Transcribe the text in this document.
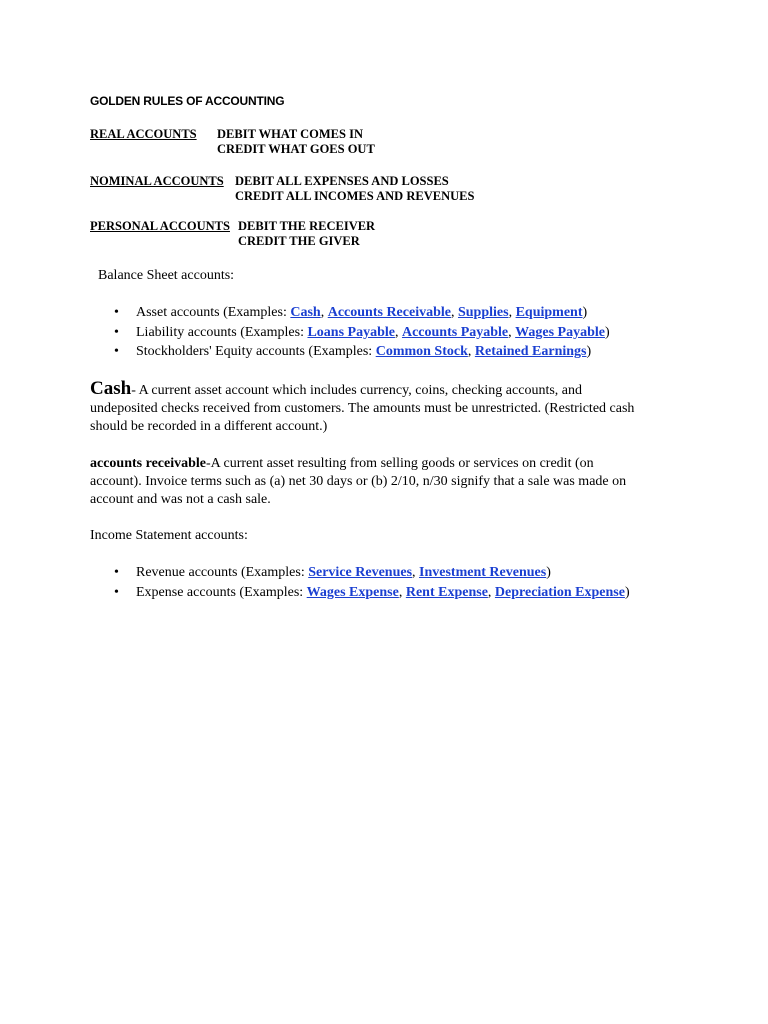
GOLDEN RULES OF ACCOUNTING
REAL ACCOUNTS DEBIT WHAT COMES IN
CREDIT WHAT GOES OUT
NOMINAL ACCOUNTS DEBIT ALL EXPENSES AND LOSSES
CREDIT ALL INCOMES AND REVENUES
PERSONAL ACCOUNTS DEBIT THE RECEIVER
CREDIT THE GIVER
Balance Sheet accounts:
• Asset accounts (Examples: Cash, Accounts Receivable, Supplies, Equipment)
• Liability accounts (Examples: Loans Payable, Accounts Payable, Wages Payable)
• Stockholders' Equity accounts (Examples: Common Stock, Retained Earnings)
Cash- A current asset account which includes currency, coins, checking accounts, and
undeposited checks received from customers. The amounts must be unrestricted. (Restricted cash
should be recorded in a different account.)
accounts receivable-A current asset resulting from selling goods or services on credit (on
account). Invoice terms such as (a) net 30 days or (b) 2/10, n/30 signify that a sale was made on
account and was not a cash sale.
Income Statement accounts:
• Revenue accounts (Examples: Service Revenues, Investment Revenues)
• Expense accounts (Examples: Wages Expense, Rent Expense, Depreciation Expense)
